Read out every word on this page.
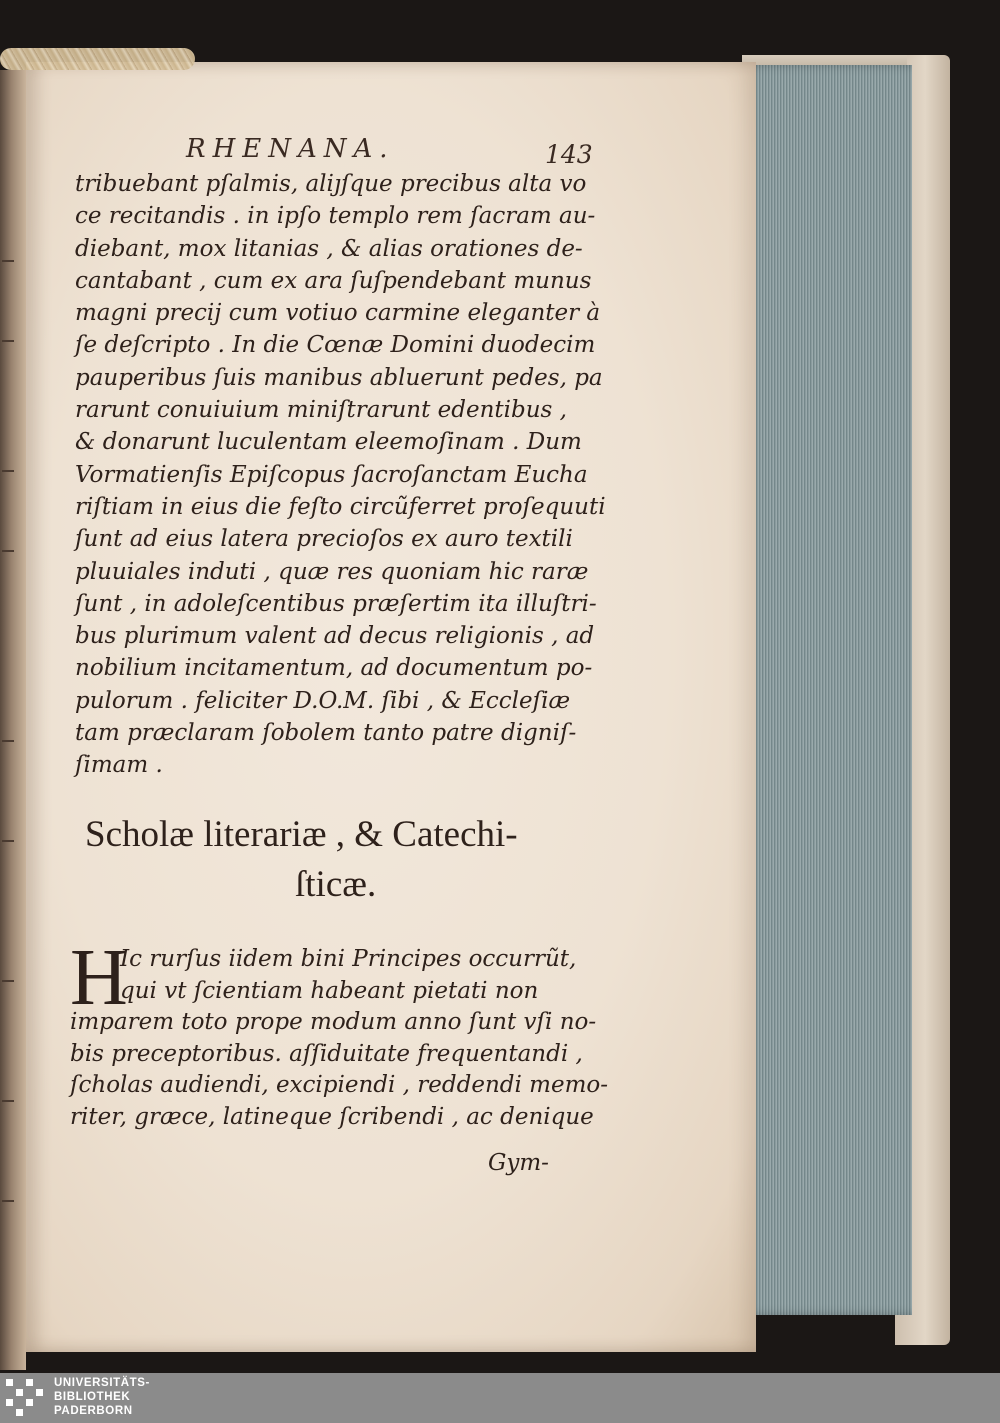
RHENANA.	143
tribuebant pſalmis, aliȷſque precibus alta vo
ce recitandis . in ipſo templo rem ſacram au-
diebant, mox litanias , & alias orationes de-
cantabant , cum ex ara ſuſpendebant munus
magni precij cum votiuo carmine eleganter à
ſe deſcripto . In die Cœnæ Domini duodecim
pauperibus ſuis manibus abluerunt pedes, pa
rarunt conuiuium miniſtrarunt edentibus ,
& donarunt luculentam eleemoſinam . Dum
Vormatienſis Epiſcopus ſacroſanctam Eucha
riſtiam in eius die feſto circũferret proſequuti
ſunt ad eius latera precioſos ex auro textili
pluuiales induti , quæ res quoniam hic raræ
ſunt , in adoleſcentibus præſertim ita illuſtri-
bus plurimum valent ad decus religionis , ad
nobilium incitamentum, ad documentum po-
pulorum . feliciter D.O.M. ſibi , & Eccleſiæ
tam præclaram ſobolem tanto patre digniſ-
ſimam .
Scholæ literariæ , & Catechi-
ſticæ.
H
Ic rurſus iidem bini Principes occurrũt,
qui vt ſcientiam habeant pietati non
imparem toto prope modum anno ſunt vſi no-
bis preceptoribus. aſſiduitate frequentandi ,
ſcholas audiendi, excipiendi , reddendi memo-
riter, græce, latineque ſcribendi , ac denique
Gym-
UNIVERSITÄTS-
BIBLIOTHEK
PADERBORN
